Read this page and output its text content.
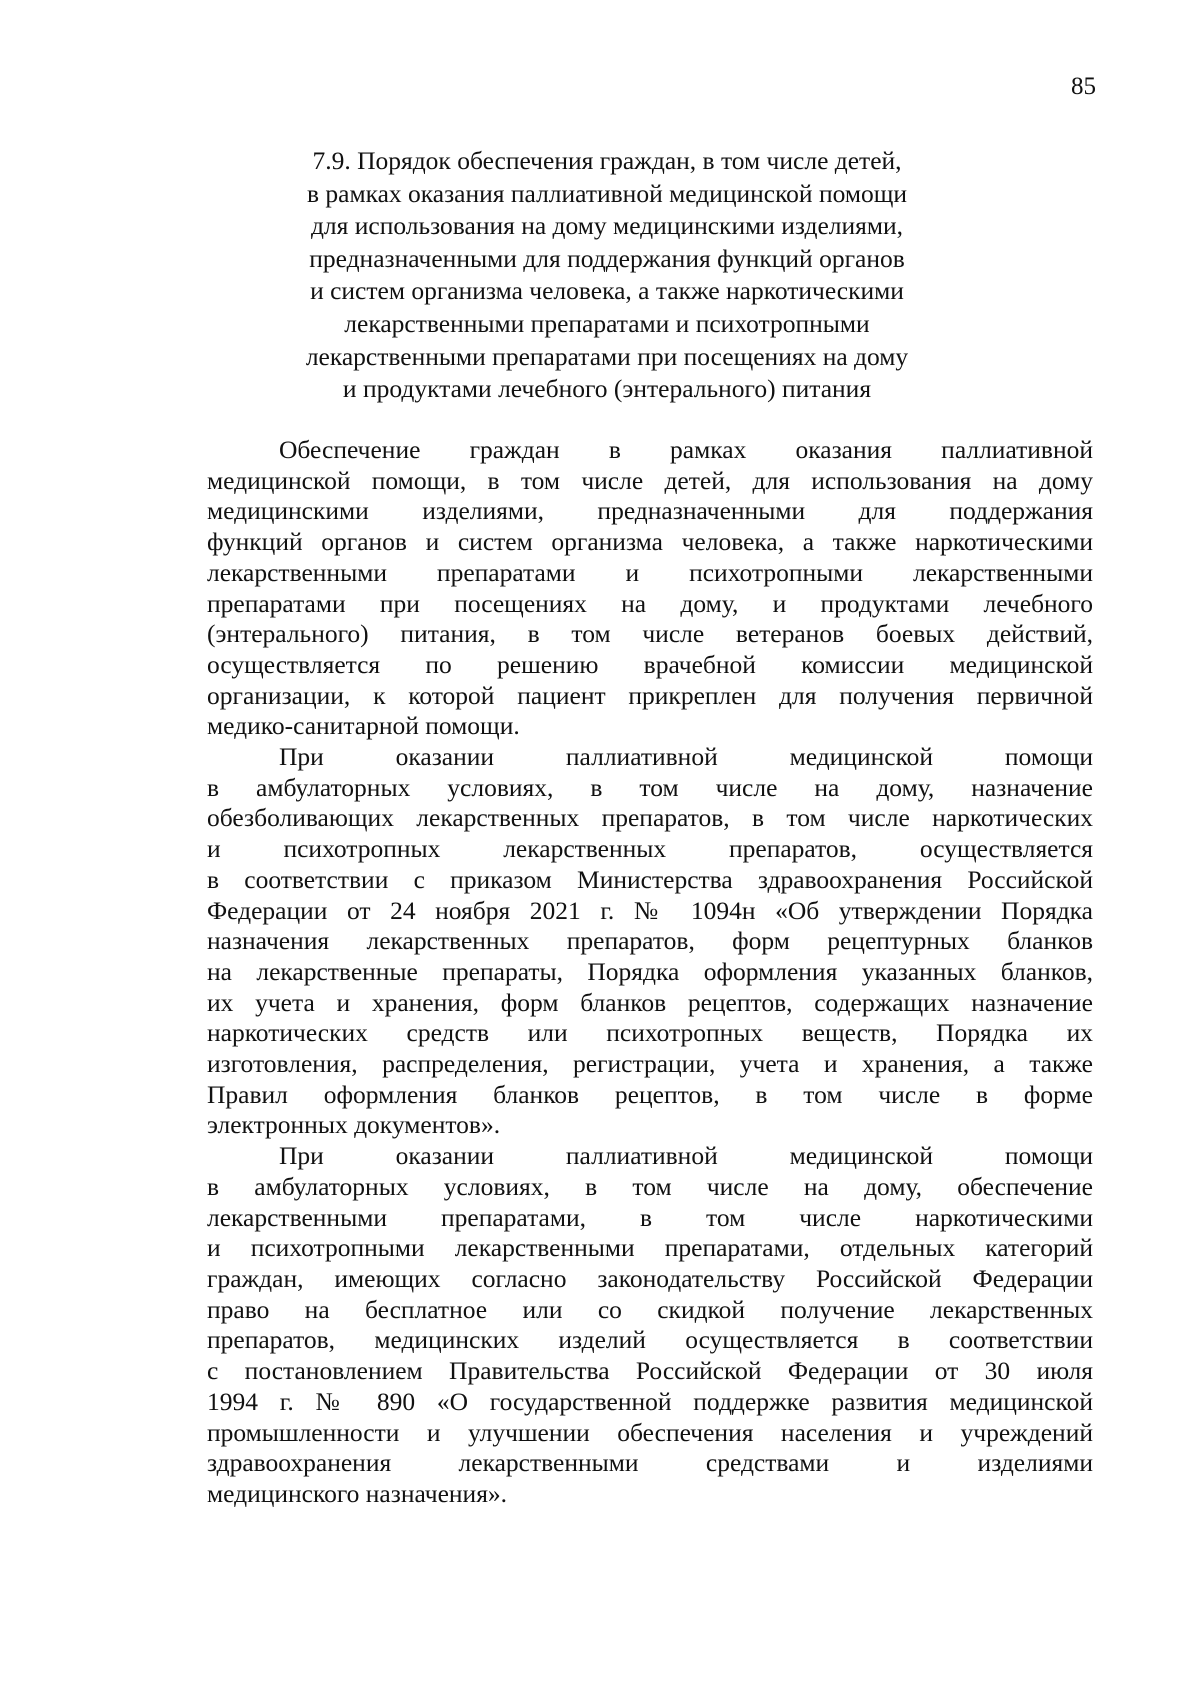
85
7.9. Порядок обеспечения граждан, в том числе детей,
в рамках оказания паллиативной медицинской помощи
для использования на дому медицинскими изделиями,
предназначенными для поддержания функций органов
и систем организма человека, а также наркотическими
лекарственными препаратами и психотропными
лекарственными препаратами при посещениях на дому
и продуктами лечебного (энтерального) питания

Обеспечение граждан в рамках оказания паллиативной
медицинской помощи, в том числе детей, для использования на дому
медицинскими изделиями, предназначенными для поддержания
функций органов и систем организма человека, а также наркотическими
лекарственными препаратами и психотропными лекарственными
препаратами при посещениях на дому, и продуктами лечебного
(энтерального) питания, в том числе ветеранов боевых действий,
осуществляется по решению врачебной комиссии медицинской
организации, к которой пациент прикреплен для получения первичной
медико-санитарной помощи.

При оказании паллиативной медицинской помощи
в амбулаторных условиях, в том числе на дому, назначение
обезболивающих лекарственных препаратов, в том числе наркотических
и психотропных лекарственных препаратов, осуществляется
в соответствии с приказом Министерства здравоохранения Российской
Федерации от 24 ноября 2021 г. № 1094н «Об утверждении Порядка
назначения лекарственных препаратов, форм рецептурных бланков
на лекарственные препараты, Порядка оформления указанных бланков,
их учета и хранения, форм бланков рецептов, содержащих назначение
наркотических средств или психотропных веществ, Порядка их
изготовления, распределения, регистрации, учета и хранения, а также
Правил оформления бланков рецептов, в том числе в форме
электронных документов».

При оказании паллиативной медицинской помощи
в амбулаторных условиях, в том числе на дому, обеспечение
лекарственными препаратами, в том числе наркотическими
и психотропными лекарственными препаратами, отдельных категорий
граждан, имеющих согласно законодательству Российской Федерации
право на бесплатное или со скидкой получение лекарственных
препаратов, медицинских изделий осуществляется в соответствии
с постановлением Правительства Российской Федерации от 30 июля
1994 г. № 890 «О государственной поддержке развития медицинской
промышленности и улучшении обеспечения населения и учреждений
здравоохранения лекарственными средствами и изделиями
медицинского назначения».
